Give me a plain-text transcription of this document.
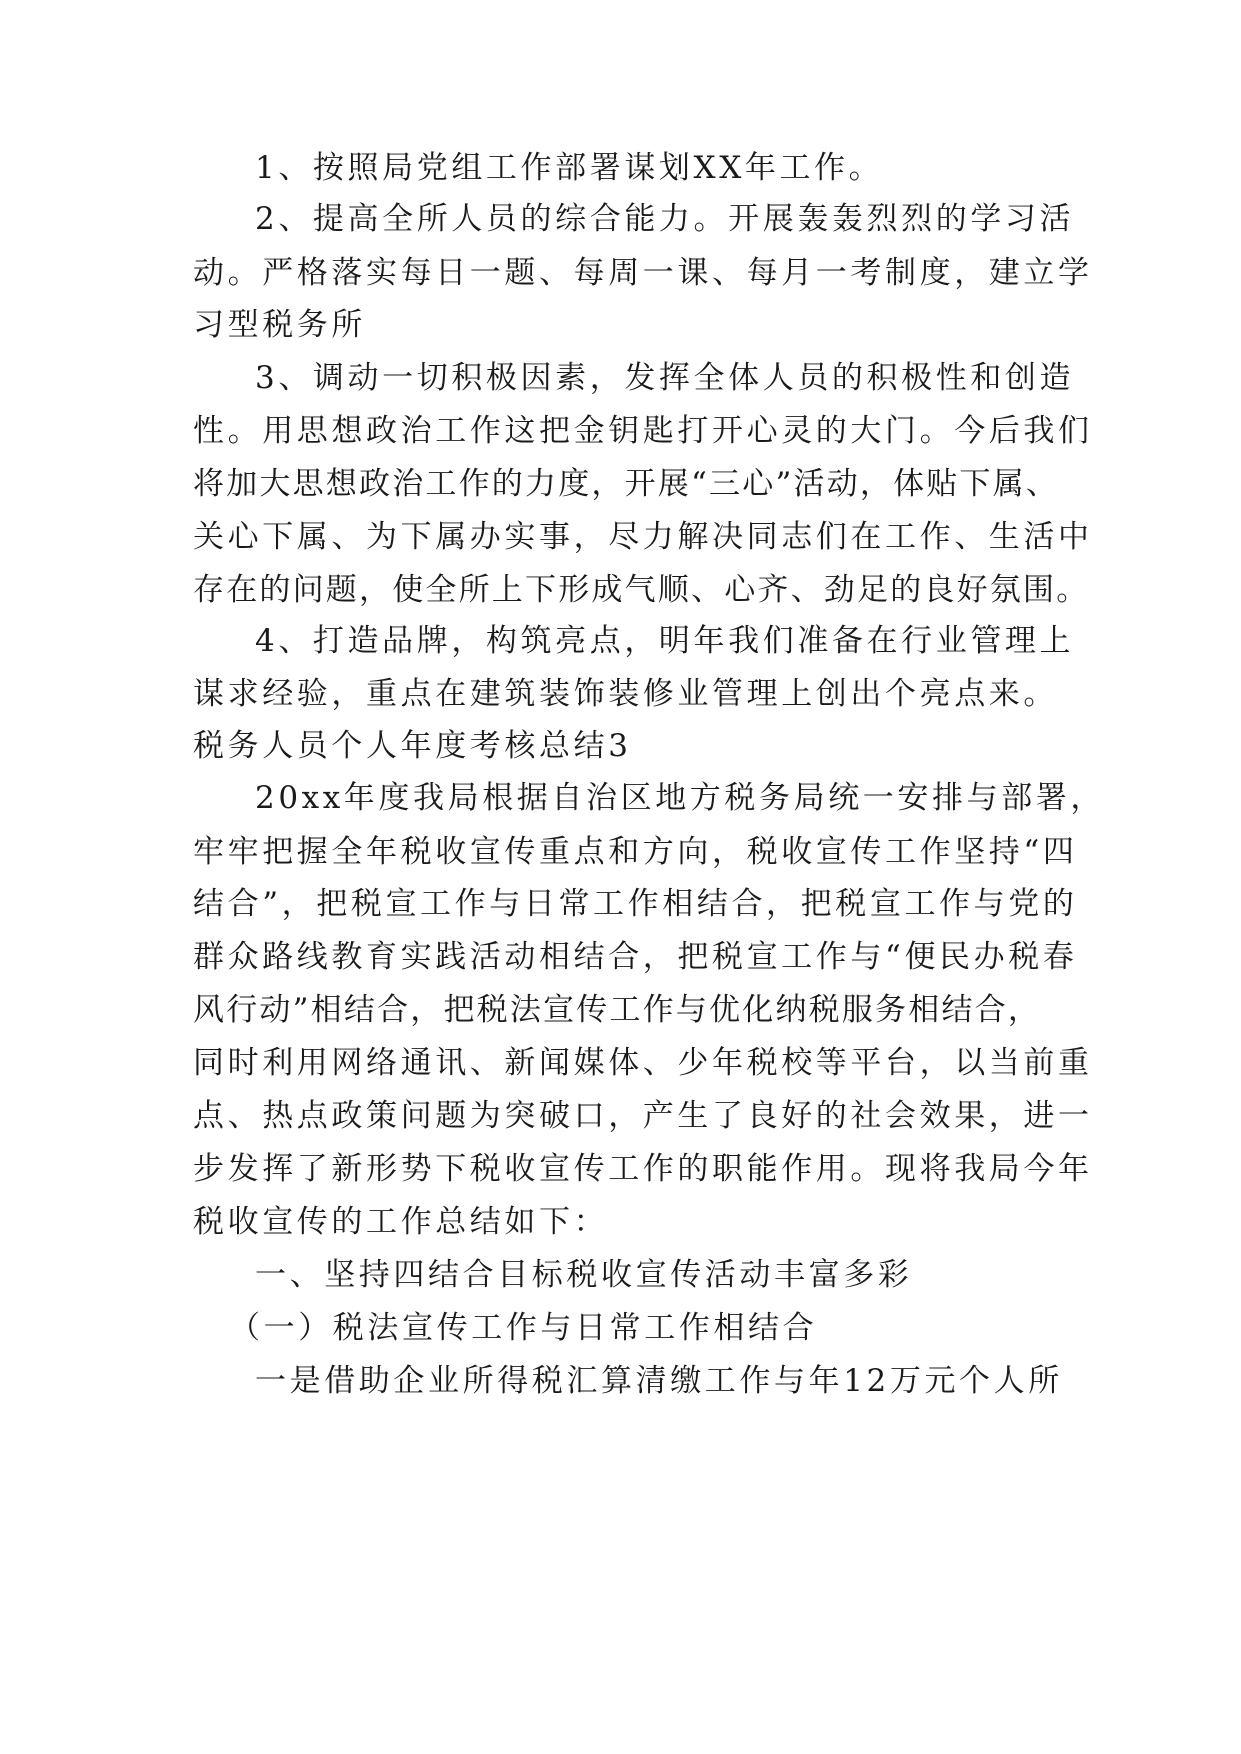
1、按照局党组工作部署谋划XX年工作。
2、提高全所人员的综合能力。开展轰轰烈烈的学习活
动。严格落实每日一题、每周一课、每月一考制度，建立学
习型税务所
3、调动一切积极因素，发挥全体人员的积极性和创造
性。用思想政治工作这把金钥匙打开心灵的大门。今后我们
将加大思想政治工作的力度，开展“三心”活动，体贴下属、
关心下属、为下属办实事，尽力解决同志们在工作、生活中
存在的问题，使全所上下形成气顺、心齐、劲足的良好氛围。
4、打造品牌，构筑亮点，明年我们准备在行业管理上
谋求经验，重点在建筑装饰装修业管理上创出个亮点来。
税务人员个人年度考核总结3
20xx年度我局根据自治区地方税务局统一安排与部署，
牢牢把握全年税收宣传重点和方向，税收宣传工作坚持“四
结合”，把税宣工作与日常工作相结合，把税宣工作与党的
群众路线教育实践活动相结合，把税宣工作与“便民办税春
风行动”相结合，把税法宣传工作与优化纳税服务相结合，
同时利用网络通讯、新闻媒体、少年税校等平台，以当前重
点、热点政策问题为突破口，产生了良好的社会效果，进一
步发挥了新形势下税收宣传工作的职能作用。现将我局今年
税收宣传的工作总结如下：
一、坚持四结合目标税收宣传活动丰富多彩
（一）税法宣传工作与日常工作相结合
一是借助企业所得税汇算清缴工作与年12万元个人所
